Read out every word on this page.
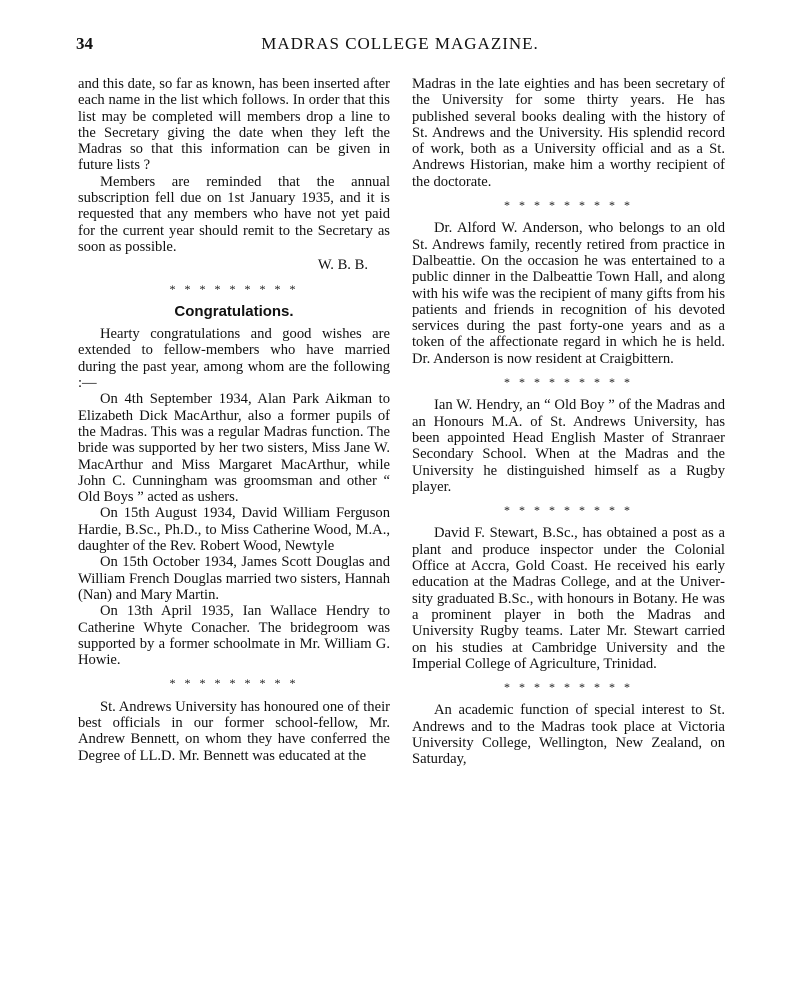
34	MADRAS COLLEGE MAGAZINE.

and this date, so far as known, has been inserted after each name in the list which follows. In order that this list may be completed will members drop a line to the Secretary giving the date when they left the Madras so that this information can be given in future lists ?

Members are reminded that the annual subscription fell due on 1st January 1935, and it is requested that any members who have not yet paid for the current year should remit to the Secretary as soon as possible.

W. B. B.
* * * * * * * * *
Congratulations.

Hearty congratulations and good wishes are extended to fellow-members who have married during the past year, among whom are the following :—

On 4th September 1934, Alan Park Aikman to Elizabeth Dick MacArthur, also a former pupils of the Madras. This was a regular Madras function. The bride was supported by her two sisters, Miss Jane W. MacArthur and Miss Margaret MacArthur, while John C. Cunningham was groomsman and other “ Old Boys ” acted as ushers.

On 15th August 1934, David William Ferguson Hardie, B.Sc., Ph.D., to Miss Catherine Wood, M.A., daughter of the Rev. Robert Wood, Newtyle

On 15th October 1934, James Scott Douglas and William French Douglas married two sisters, Hannah (Nan) and Mary Martin.

On 13th April 1935, Ian Wallace Hendry to Catherine Whyte Conacher. The bridegroom was supported by a former schoolmate in Mr. William G. Howie.

* * * * * * * * *

St. Andrews University has honoured one of their best officials in our former school-fellow, Mr. Andrew Bennett, on whom they have conferred the Degree of LL.D. Mr. Bennett was educated at the

Madras in the late eighties and has been secretary of the University for some thirty years. He has published several books dealing with the history of St. Andrews and the University. His splendid record of work, both as a University official and as a St. Andrews Historian, make him a worthy recipient of the doctorate.

* * * * * * * * *

Dr. Alford W. Anderson, who belongs to an old St. Andrews family, recently retired from practice in Dalbeattie. On the occasion he was entertained to a public dinner in the Dalbeattie Town Hall, and along with his wife was the recipient of many gifts from his patients and friends in recognition of his devoted services during the past forty-one years and as a token of the affectionate regard in which he is held. Dr. Anderson is now resident at Craigbittern.

* * * * * * * * *

Ian W. Hendry, an “ Old Boy ” of the Madras and an Honours M.A. of St. Andrews University, has been appointed Head English Master of Stranraer Secondary School. When at the Madras and the University he distinguished himself as a Rugby player.

* * * * * * * * *

David F. Stewart, B.Sc., has obtained a post as a plant and produce inspector under the Colonial Office at Accra, Gold Coast. He received his early education at the Madras College, and at the University graduated B.Sc., with honours in Botany. He was a prominent player in both the Madras and University Rugby teams. Later Mr. Stewart carried on his studies at Cambridge University and the Imperial College of Agriculture, Trinidad.

* * * * * * * * *

An academic function of special interest to St. Andrews and to the Madras took place at Victoria University College, Wellington, New Zealand, on Saturday,
